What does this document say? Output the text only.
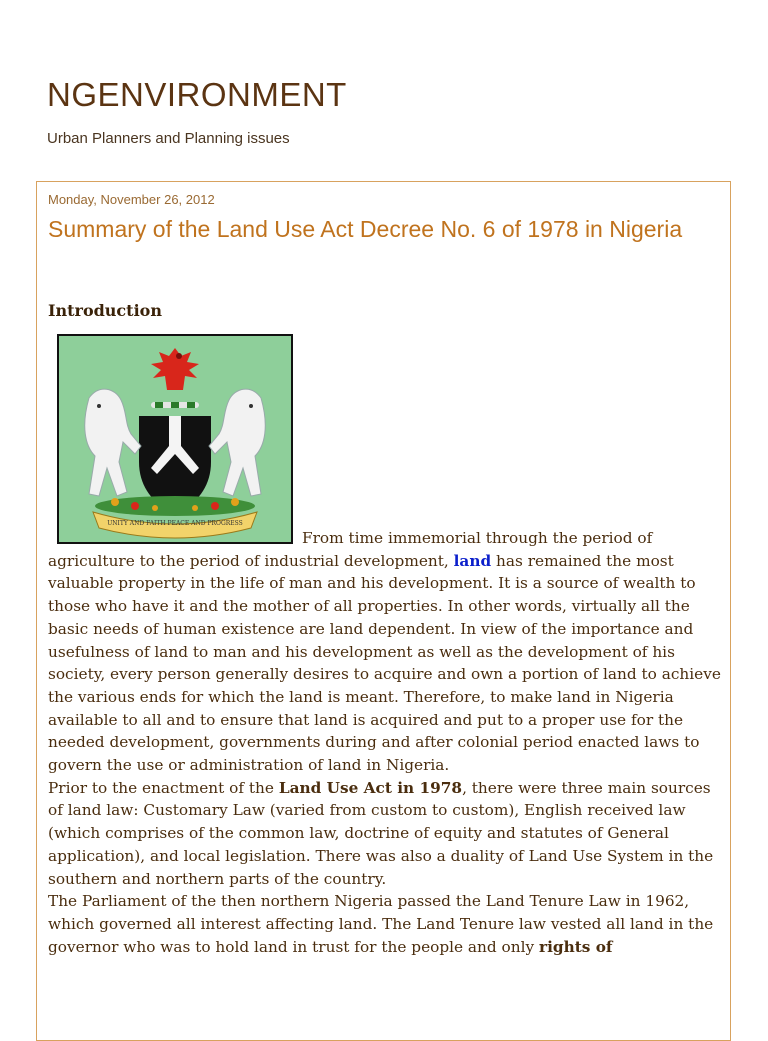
NGENVIRONMENT
Urban Planners and Planning issues
Monday, November 26, 2012
Summary of the Land Use Act Decree No. 6 of 1978 in Nigeria
Introduction
UNITY AND FAITH PEACE AND PROGRESS

From time immemorial through the period of agriculture to the period of industrial development, land has remained the most valuable property in the life of man and his development. It is a source of wealth to those who have it and the mother of all properties. In other words, virtually all the basic needs of human existence are land dependent. In view of the importance and usefulness of land to man and his development as well as the development of his society, every person generally desires to acquire and own a portion of land to achieve the various ends for which the land is meant. Therefore, to make land in Nigeria available to all and to ensure that land is acquired and put to a proper use for the needed development, governments during and after colonial period enacted laws to govern the use or administration of land in Nigeria.

Prior to the enactment of the Land Use Act in 1978, there were three main sources of land law: Customary Law (varied from custom to custom), English received law (which comprises of the common law, doctrine of equity and statutes of General application), and local legislation. There was also a duality of Land Use System in the southern and northern parts of the country.

The Parliament of the then northern Nigeria passed the Land Tenure Law in 1962, which governed all interest affecting land. The Land Tenure law vested all land in the governor who was to hold land in trust for the people and only rights of
